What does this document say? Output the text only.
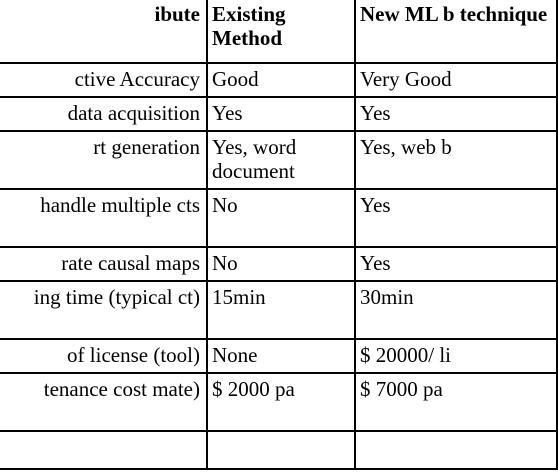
ibute	Existing Method	New ML b technique
ctive Accuracy	Good	Very Good
data acquisition	Yes	Yes
rt generation	Yes, word document	Yes, web b
handle multiple cts	No	Yes
rate causal maps	No	Yes
ing time (typical ct)	15min	30min
of license (tool)	None	$ 20000/ li
tenance cost mate)	$ 2000 pa	$ 7000 pa
